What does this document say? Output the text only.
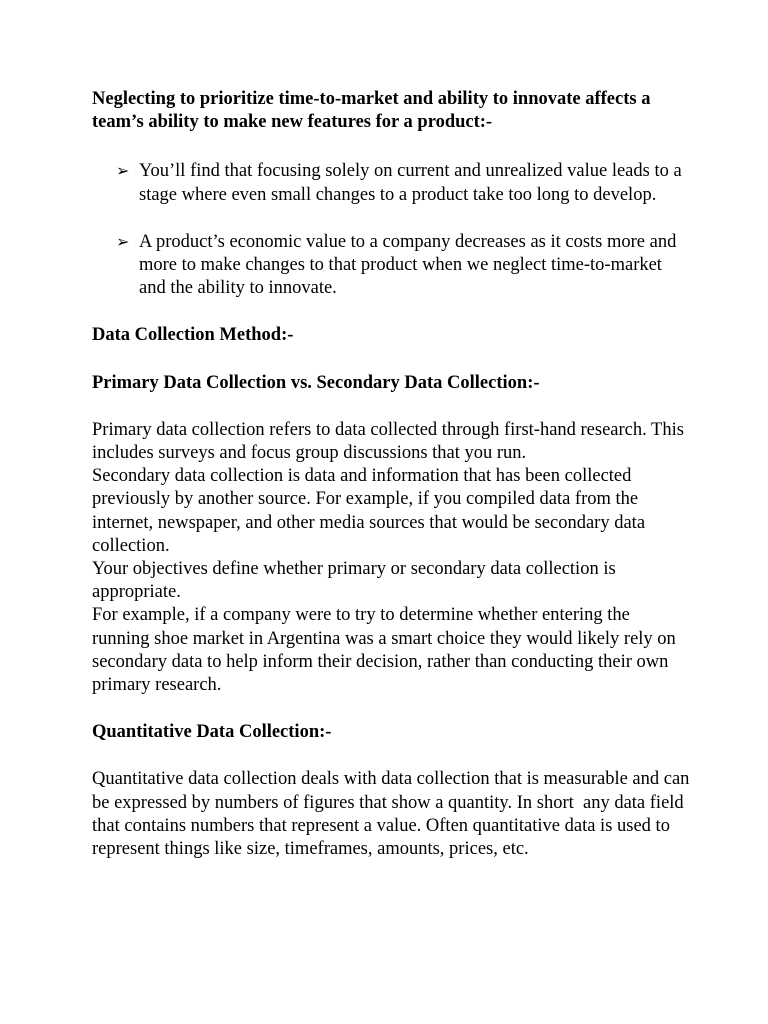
Neglecting to prioritize time-to-market and ability to innovate affects a team’s ability to make new features for a product:-

➢ You’ll find that focusing solely on current and unrealized value leads to a stage where even small changes to a product take too long to develop.
➢ A product’s economic value to a company decreases as it costs more and more to make changes to that product when we neglect time-to-market and the ability to innovate.

Data Collection Method:-

Primary Data Collection vs. Secondary Data Collection:-

Primary data collection refers to data collected through first-hand research. This includes surveys and focus group discussions that you run.

Secondary data collection is data and information that has been collected previously by another source. For example, if you compiled data from the internet, newspaper, and other media sources that would be secondary data collection.

Your objectives define whether primary or secondary data collection is appropriate.

For example, if a company were to try to determine whether entering the running shoe market in Argentina was a smart choice they would likely rely on secondary data to help inform their decision, rather than conducting their own primary research.

Quantitative Data Collection:-

Quantitative data collection deals with data collection that is measurable and can be expressed by numbers of figures that show a quantity. In short  any data field that contains numbers that represent a value. Often quantitative data is used to represent things like size, timeframes, amounts, prices, etc.
